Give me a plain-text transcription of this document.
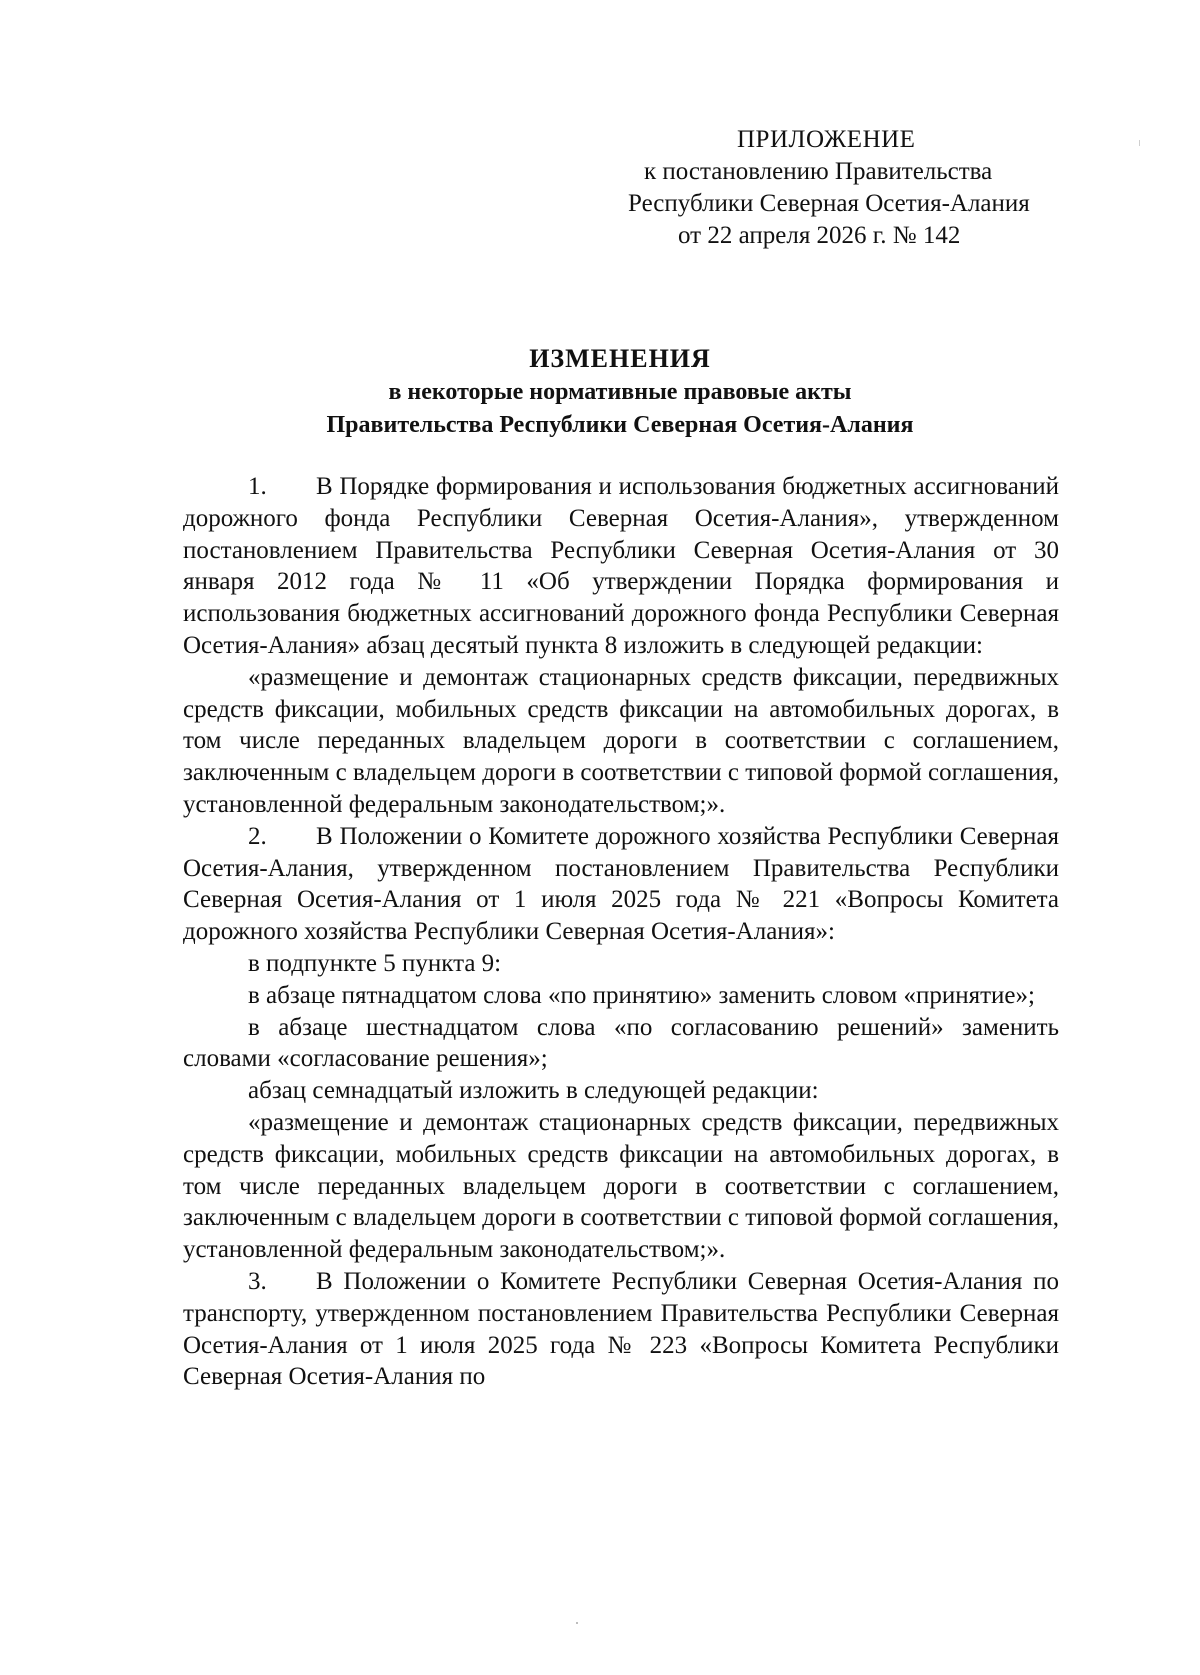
ПРИЛОЖЕНИЕ
к постановлению Правительства
Республики Северная Осетия-Алания
от 22 апреля 2026 г. № 142
ИЗМЕНЕНИЯ
в некоторые нормативные правовые акты
Правительства Республики Северная Осетия-Алания

1. В Порядке формирования и использования бюджетных ассигнований дорожного фонда Республики Северная Осетия-Алания», утвержденном постановлением Правительства Республики Северная Осетия-Алания от 30 января 2012 года № 11 «Об утверждении Порядка формирования и использования бюджетных ассигнований дорожного фонда Республики Северная Осетия-Алания» абзац десятый пункта 8 изложить в следующей редакции:

«размещение и демонтаж стационарных средств фиксации, передвижных средств фиксации, мобильных средств фиксации на автомобильных дорогах, в том числе переданных владельцем дороги в соответствии с соглашением, заключенным с владельцем дороги в соответствии с типовой формой соглашения, установленной федеральным законодательством;».

2. В Положении о Комитете дорожного хозяйства Республики Северная Осетия-Алания, утвержденном постановлением Правительства Республики Северная Осетия-Алания от 1 июля 2025 года № 221 «Вопросы Комитета дорожного хозяйства Республики Северная Осетия-Алания»:

в подпункте 5 пункта 9:

в абзаце пятнадцатом слова «по принятию» заменить словом «принятие»;

в абзаце шестнадцатом слова «по согласованию решений» заменить словами «согласование решения»;

абзац семнадцатый изложить в следующей редакции:

«размещение и демонтаж стационарных средств фиксации, передвижных средств фиксации, мобильных средств фиксации на автомобильных дорогах, в том числе переданных владельцем дороги в соответствии с соглашением, заключенным с владельцем дороги в соответствии с типовой формой соглашения, установленной федеральным законодательством;».

3. В Положении о Комитете Республики Северная Осетия-Алания по транспорту, утвержденном постановлением Правительства Республики Северная Осетия-Алания от 1 июля 2025 года № 223 «Вопросы Комитета Республики Северная Осетия-Алания по
